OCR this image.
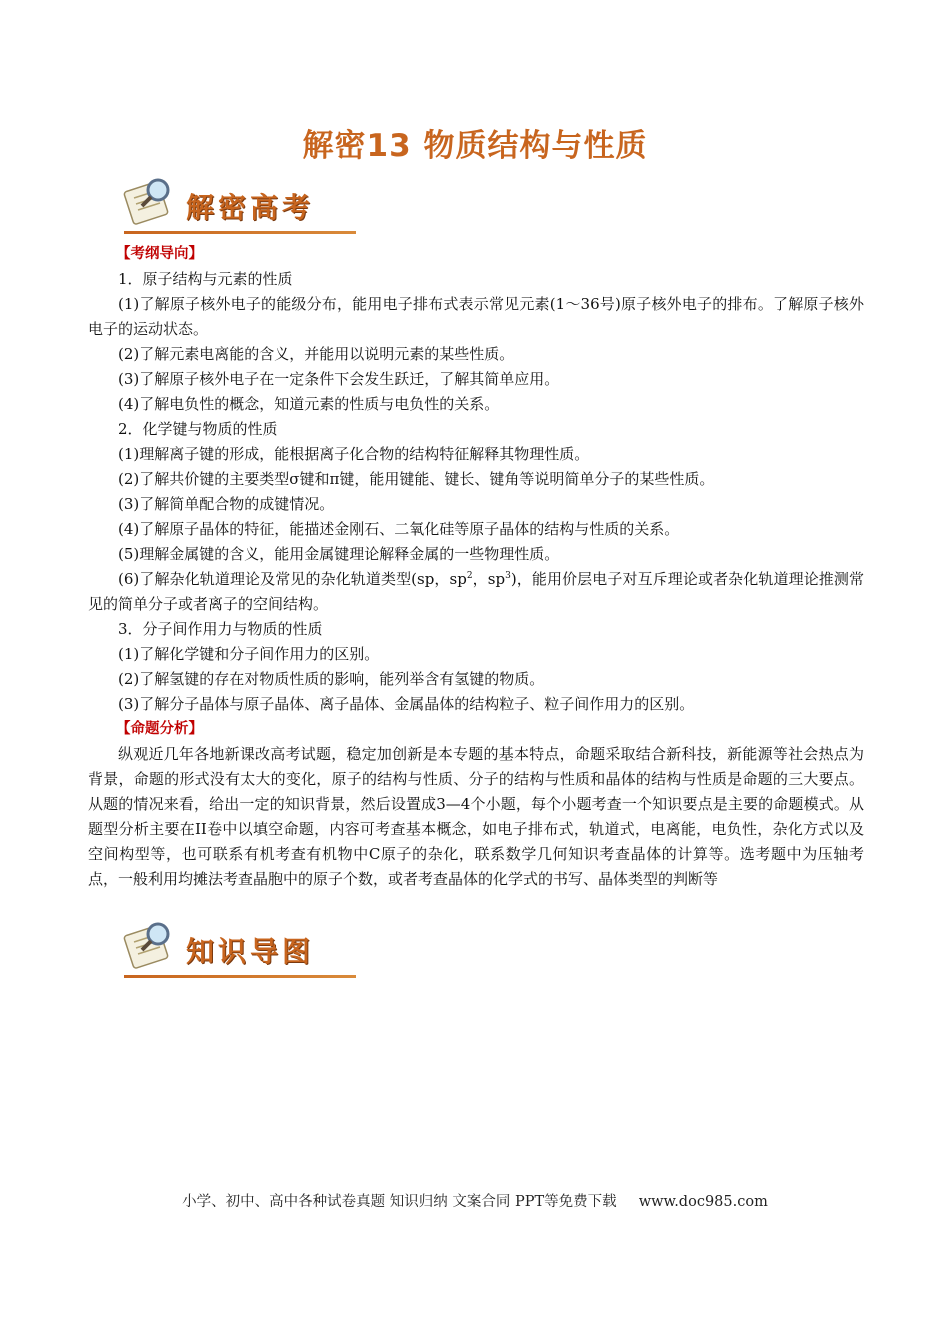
解密13 物质结构与性质
解密高考

【考纲导向】

1．原子结构与元素的性质

(1)了解原子核外电子的能级分布，能用电子排布式表示常见元素(1～36号)原子核外电子的排布。了解原子核外电子的运动状态。

(2)了解元素电离能的含义，并能用以说明元素的某些性质。

(3)了解原子核外电子在一定条件下会发生跃迁，了解其简单应用。

(4)了解电负性的概念，知道元素的性质与电负性的关系。

2．化学键与物质的性质

(1)理解离子键的形成，能根据离子化合物的结构特征解释其物理性质。

(2)了解共价键的主要类型σ键和π键，能用键能、键长、键角等说明简单分子的某些性质。

(3)了解简单配合物的成键情况。

(4)了解原子晶体的特征，能描述金刚石、二氧化硅等原子晶体的结构与性质的关系。

(5)理解金属键的含义，能用金属键理论解释金属的一些物理性质。

(6)了解杂化轨道理论及常见的杂化轨道类型(sp，$sp^2$，$sp^3$)，能用价层电子对互斥理论或者杂化轨道理论推测常见的简单分子或者离子的空间结构。

3．分子间作用力与物质的性质

(1)了解化学键和分子间作用力的区别。

(2)了解氢键的存在对物质性质的影响，能列举含有氢键的物质。

(3)了解分子晶体与原子晶体、离子晶体、金属晶体的结构粒子、粒子间作用力的区别。

【命题分析】

纵观近几年各地新课改高考试题，稳定加创新是本专题的基本特点，命题采取结合新科技，新能源等社会热点为背景，命题的形式没有太大的变化，原子的结构与性质、分子的结构与性质和晶体的结构与性质是命题的三大要点。从题的情况来看，给出一定的知识背景，然后设置成3—4个小题，每个小题考查一个知识要点是主要的命题模式。从题型分析主要在II卷中以填空命题，内容可考查基本概念，如电子排布式，轨道式，电离能，电负性，杂化方式以及空间构型等，也可联系有机考查有机物中C原子的杂化，联系数学几何知识考查晶体的计算等。选考题中为压轴考点，一般利用均摊法考查晶胞中的原子个数，或者考查晶体的化学式的书写、晶体类型的判断等

知识导图
小学、初中、高中各种试卷真题 知识归纳 文案合同 PPT等免费下载 www.doc985.com
